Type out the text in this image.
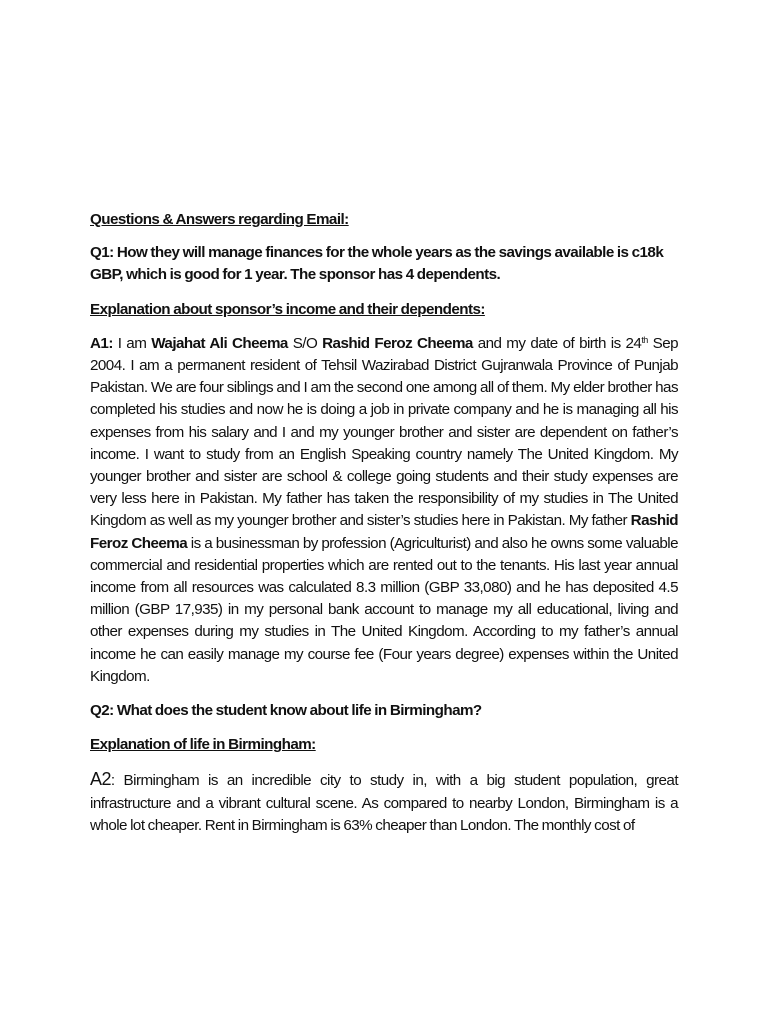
Questions & Answers regarding Email:

Q1: How they will manage finances for the whole years as the savings available is c18k GBP, which is good for 1 year. The sponsor has 4 dependents.

Explanation about sponsor’s income and their dependents:

A1: I am Wajahat Ali Cheema S/O Rashid Feroz Cheema and my date of birth is 24th Sep 2004. I am a permanent resident of Tehsil Wazirabad District Gujranwala Province of Punjab Pakistan. We are four siblings and I am the second one among all of them. My elder brother has completed his studies and now he is doing a job in private company and he is managing all his expenses from his salary and I and my younger brother and sister are dependent on father’s income. I want to study from an English Speaking country namely The United Kingdom. My younger brother and sister are school & college going students and their study expenses are very less here in Pakistan. My father has taken the responsibility of my studies in The United Kingdom as well as my younger brother and sister’s studies here in Pakistan. My father Rashid Feroz Cheema is a businessman by profession (Agriculturist) and also he owns some valuable commercial and residential properties which are rented out to the tenants. His last year annual income from all resources was calculated 8.3 million (GBP 33,080) and he has deposited 4.5 million (GBP 17,935) in my personal bank account to manage my all educational, living and other expenses during my studies in The United Kingdom. According to my father’s annual income he can easily manage my course fee (Four years degree) expenses within the United Kingdom.

Q2: What does the student know about life in Birmingham?

Explanation of life in Birmingham:

A2: Birmingham is an incredible city to study in, with a big student population, great infrastructure and a vibrant cultural scene. As compared to nearby London, Birmingham is a whole lot cheaper. Rent in Birmingham is 63% cheaper than London. The monthly cost of
